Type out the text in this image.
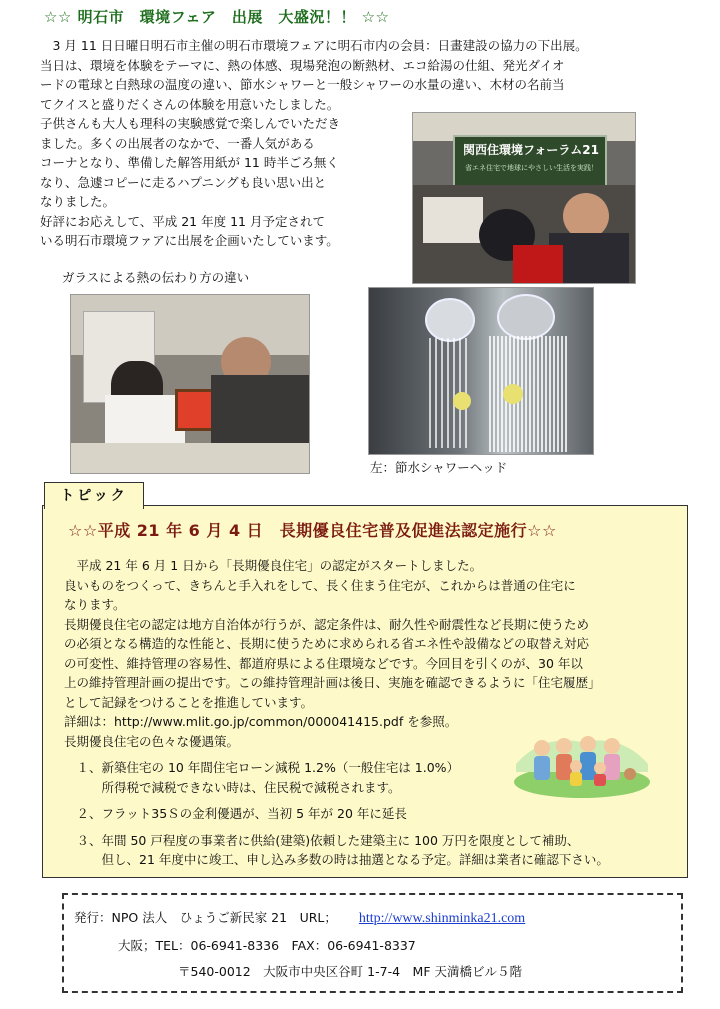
☆☆ 明石市　環境フェア　出展　大盛況！！ ☆☆
　3 月 11 日日曜日明石市主催の明石市環境フェアに明石市内の会員：日畫建設の協力の下出展。
当日は、環境を体験をテーマに、熱の体感、現場発泡の断熱材、エコ給湯の仕組、発光ダイオ
ードの電球と白熱球の温度の違い、節水シャワーと一般シャワーの水量の違い、木材の名前当
てクイスと盛りだくさんの体験を用意いたしました。
子供さんも大人も理科の実験感覚で楽しんでいただき
ました。多くの出展者のなかで、一番人気がある
コーナとなり、準備した解答用紙が 11 時半ごろ無く
なり、急遽コピーに走るハプニングも良い思い出と
なりました。
好評にお応えして、平成 21 年度 11 月予定されて
いる明石市環境ファアに出展を企画いたしています。
関西住環境フォーラム21
省エネ住宅で地球にやさしい生活を実践！
ガラスによる熱の伝わり方の違い
左：節水シャワーヘッド
トピック
☆☆平成 21 年 6 月 4 日　長期優良住宅普及促進法認定施行☆☆
　平成 21 年 6 月 1 日から「長期優良住宅」の認定がスタートしました。
良いものをつくって、きちんと手入れをして、長く住まう住宅が、これからは普通の住宅に
なります。
長期優良住宅の認定は地方自治体が行うが、認定条件は、耐久性や耐震性など長期に使うため
の必須となる構造的な性能と、長期に使うために求められる省エネ性や設備などの取替え対応
の可変性、維持管理の容易性、都道府県による住環境などです。今回目を引くのが、30 年以
上の維持管理計画の提出です。この維持管理計画は後日、実施を確認できるように「住宅履歴」
として記録をつけることを推進しています。
詳細は：http://www.mlit.go.jp/common/000041415.pdf を参照。
長期優良住宅の色々な優遇策。
　１、新築住宅の 10 年間住宅ローン減税 1.2%（一般住宅は 1.0%）
　　　所得税で減税できない時は、住民税で減税されます。
　２、フラット35Ｓの金利優遇が、当初 5 年が 20 年に延長
　３、年間 50 戸程度の事業者に供給(建築)依頼した建築主に 100 万円を限度として補助、
　　　但し、21 年度中に竣工、申し込み多数の時は抽選となる予定。詳細は業者に確認下さい。
発行：NPO 法人　ひょうご新民家 21　URL； http://www.shinminka21.com
大阪；TEL：06-6941-8336　FAX：06-6941-8337
〒540-0012　大阪市中央区谷町 1-7-4　MF 天満橋ビル５階
